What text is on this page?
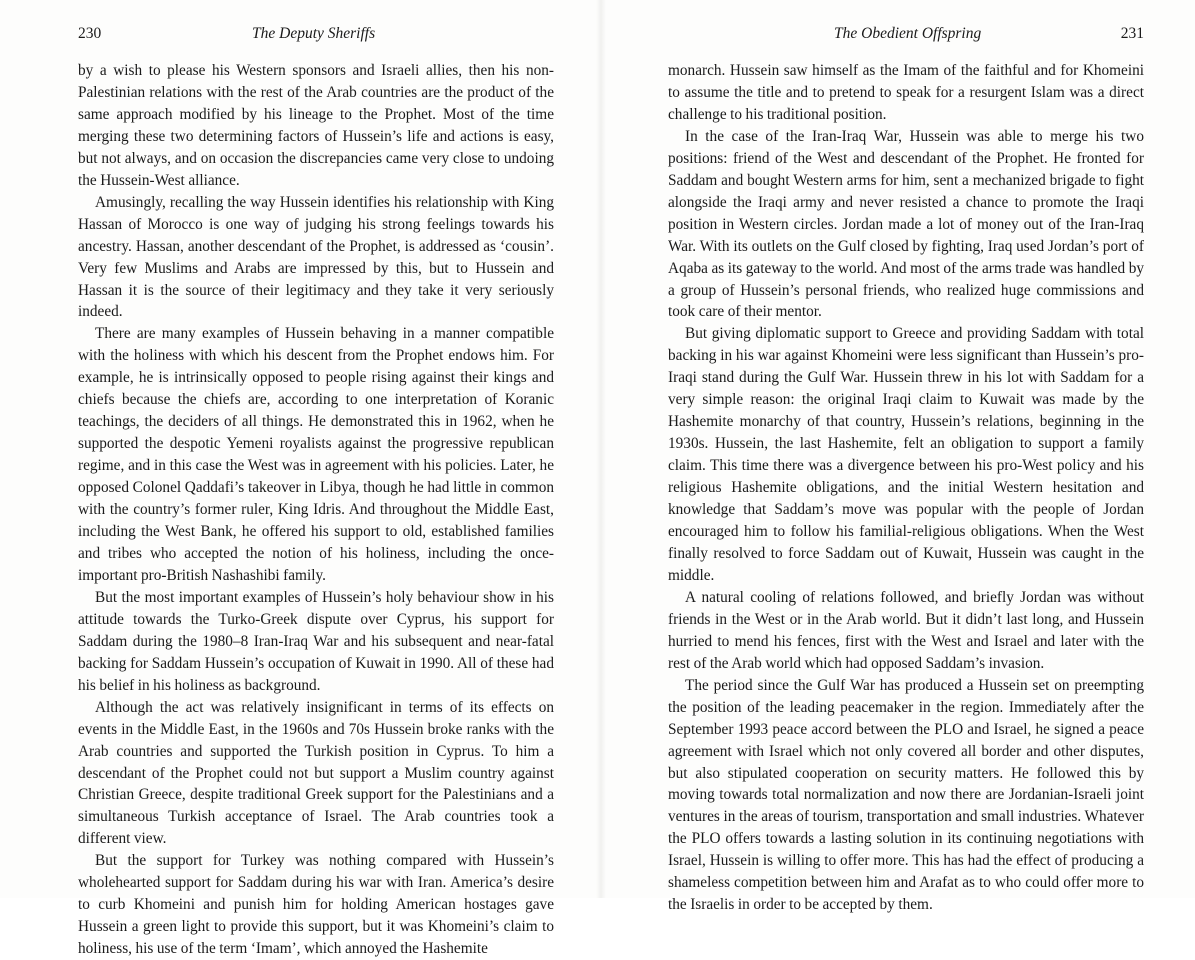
230	The Deputy Sheriffs

by a wish to please his Western sponsors and Israeli allies, then his non-Palestinian relations with the rest of the Arab countries are the product of the same approach modified by his lineage to the Prophet. Most of the time merging these two determining factors of Hussein’s life and actions is easy, but not always, and on occasion the discrepancies came very close to undoing the Hussein-West alliance.

Amusingly, recalling the way Hussein identifies his relationship with King Hassan of Morocco is one way of judging his strong feelings towards his ancestry. Hassan, another descendant of the Prophet, is addressed as ‘cousin’. Very few Muslims and Arabs are impressed by this, but to Hussein and Hassan it is the source of their legitimacy and they take it very seriously indeed.

There are many examples of Hussein behaving in a manner compatible with the holiness with which his descent from the Prophet endows him. For example, he is intrinsically opposed to people rising against their kings and chiefs because the chiefs are, according to one interpretation of Koranic teachings, the deciders of all things. He demonstrated this in 1962, when he supported the despotic Yemeni royalists against the progressive republican regime, and in this case the West was in agreement with his policies. Later, he opposed Colonel Qaddafi’s takeover in Libya, though he had little in common with the country’s former ruler, King Idris. And throughout the Middle East, including the West Bank, he offered his support to old, established families and tribes who accepted the notion of his holiness, including the once-important pro-British Nashashibi family.

But the most important examples of Hussein’s holy behaviour show in his attitude towards the Turko-Greek dispute over Cyprus, his support for Saddam during the 1980–8 Iran-Iraq War and his subsequent and near-fatal backing for Saddam Hussein’s occupation of Kuwait in 1990. All of these had his belief in his holiness as background.

Although the act was relatively insignificant in terms of its effects on events in the Middle East, in the 1960s and 70s Hussein broke ranks with the Arab countries and supported the Turkish position in Cyprus. To him a descendant of the Prophet could not but support a Muslim country against Christian Greece, despite traditional Greek support for the Palestinians and a simultaneous Turkish acceptance of Israel. The Arab countries took a different view.

But the support for Turkey was nothing compared with Hussein’s wholehearted support for Saddam during his war with Iran. America’s desire to curb Khomeini and punish him for holding American hostages gave Hussein a green light to provide this support, but it was Khomeini’s claim to holiness, his use of the term ‘Imam’, which annoyed the Hashemite

The Obedient Offspring	231

monarch. Hussein saw himself as the Imam of the faithful and for Khomeini to assume the title and to pretend to speak for a resurgent Islam was a direct challenge to his traditional position.

In the case of the Iran-Iraq War, Hussein was able to merge his two positions: friend of the West and descendant of the Prophet. He fronted for Saddam and bought Western arms for him, sent a mechanized brigade to fight alongside the Iraqi army and never resisted a chance to promote the Iraqi position in Western circles. Jordan made a lot of money out of the Iran-Iraq War. With its outlets on the Gulf closed by fighting, Iraq used Jordan’s port of Aqaba as its gateway to the world. And most of the arms trade was handled by a group of Hussein’s personal friends, who realized huge commissions and took care of their mentor.

But giving diplomatic support to Greece and providing Saddam with total backing in his war against Khomeini were less significant than Hussein’s pro-Iraqi stand during the Gulf War. Hussein threw in his lot with Saddam for a very simple reason: the original Iraqi claim to Kuwait was made by the Hashemite monarchy of that country, Hussein’s relations, beginning in the 1930s. Hussein, the last Hashemite, felt an obligation to support a family claim. This time there was a divergence between his pro-West policy and his religious Hashemite obligations, and the initial Western hesitation and knowledge that Saddam’s move was popular with the people of Jordan encouraged him to follow his familial-religious obligations. When the West finally resolved to force Saddam out of Kuwait, Hussein was caught in the middle.

A natural cooling of relations followed, and briefly Jordan was without friends in the West or in the Arab world. But it didn’t last long, and Hussein hurried to mend his fences, first with the West and Israel and later with the rest of the Arab world which had opposed Saddam’s invasion.

The period since the Gulf War has produced a Hussein set on preempting the position of the leading peacemaker in the region. Immediately after the September 1993 peace accord between the PLO and Israel, he signed a peace agreement with Israel which not only covered all border and other disputes, but also stipulated cooperation on security matters. He followed this by moving towards total normalization and now there are Jordanian-Israeli joint ventures in the areas of tourism, transportation and small industries. Whatever the PLO offers towards a lasting solution in its continuing negotiations with Israel, Hussein is willing to offer more. This has had the effect of producing a shameless competition between him and Arafat as to who could offer more to the Israelis in order to be accepted by them.
